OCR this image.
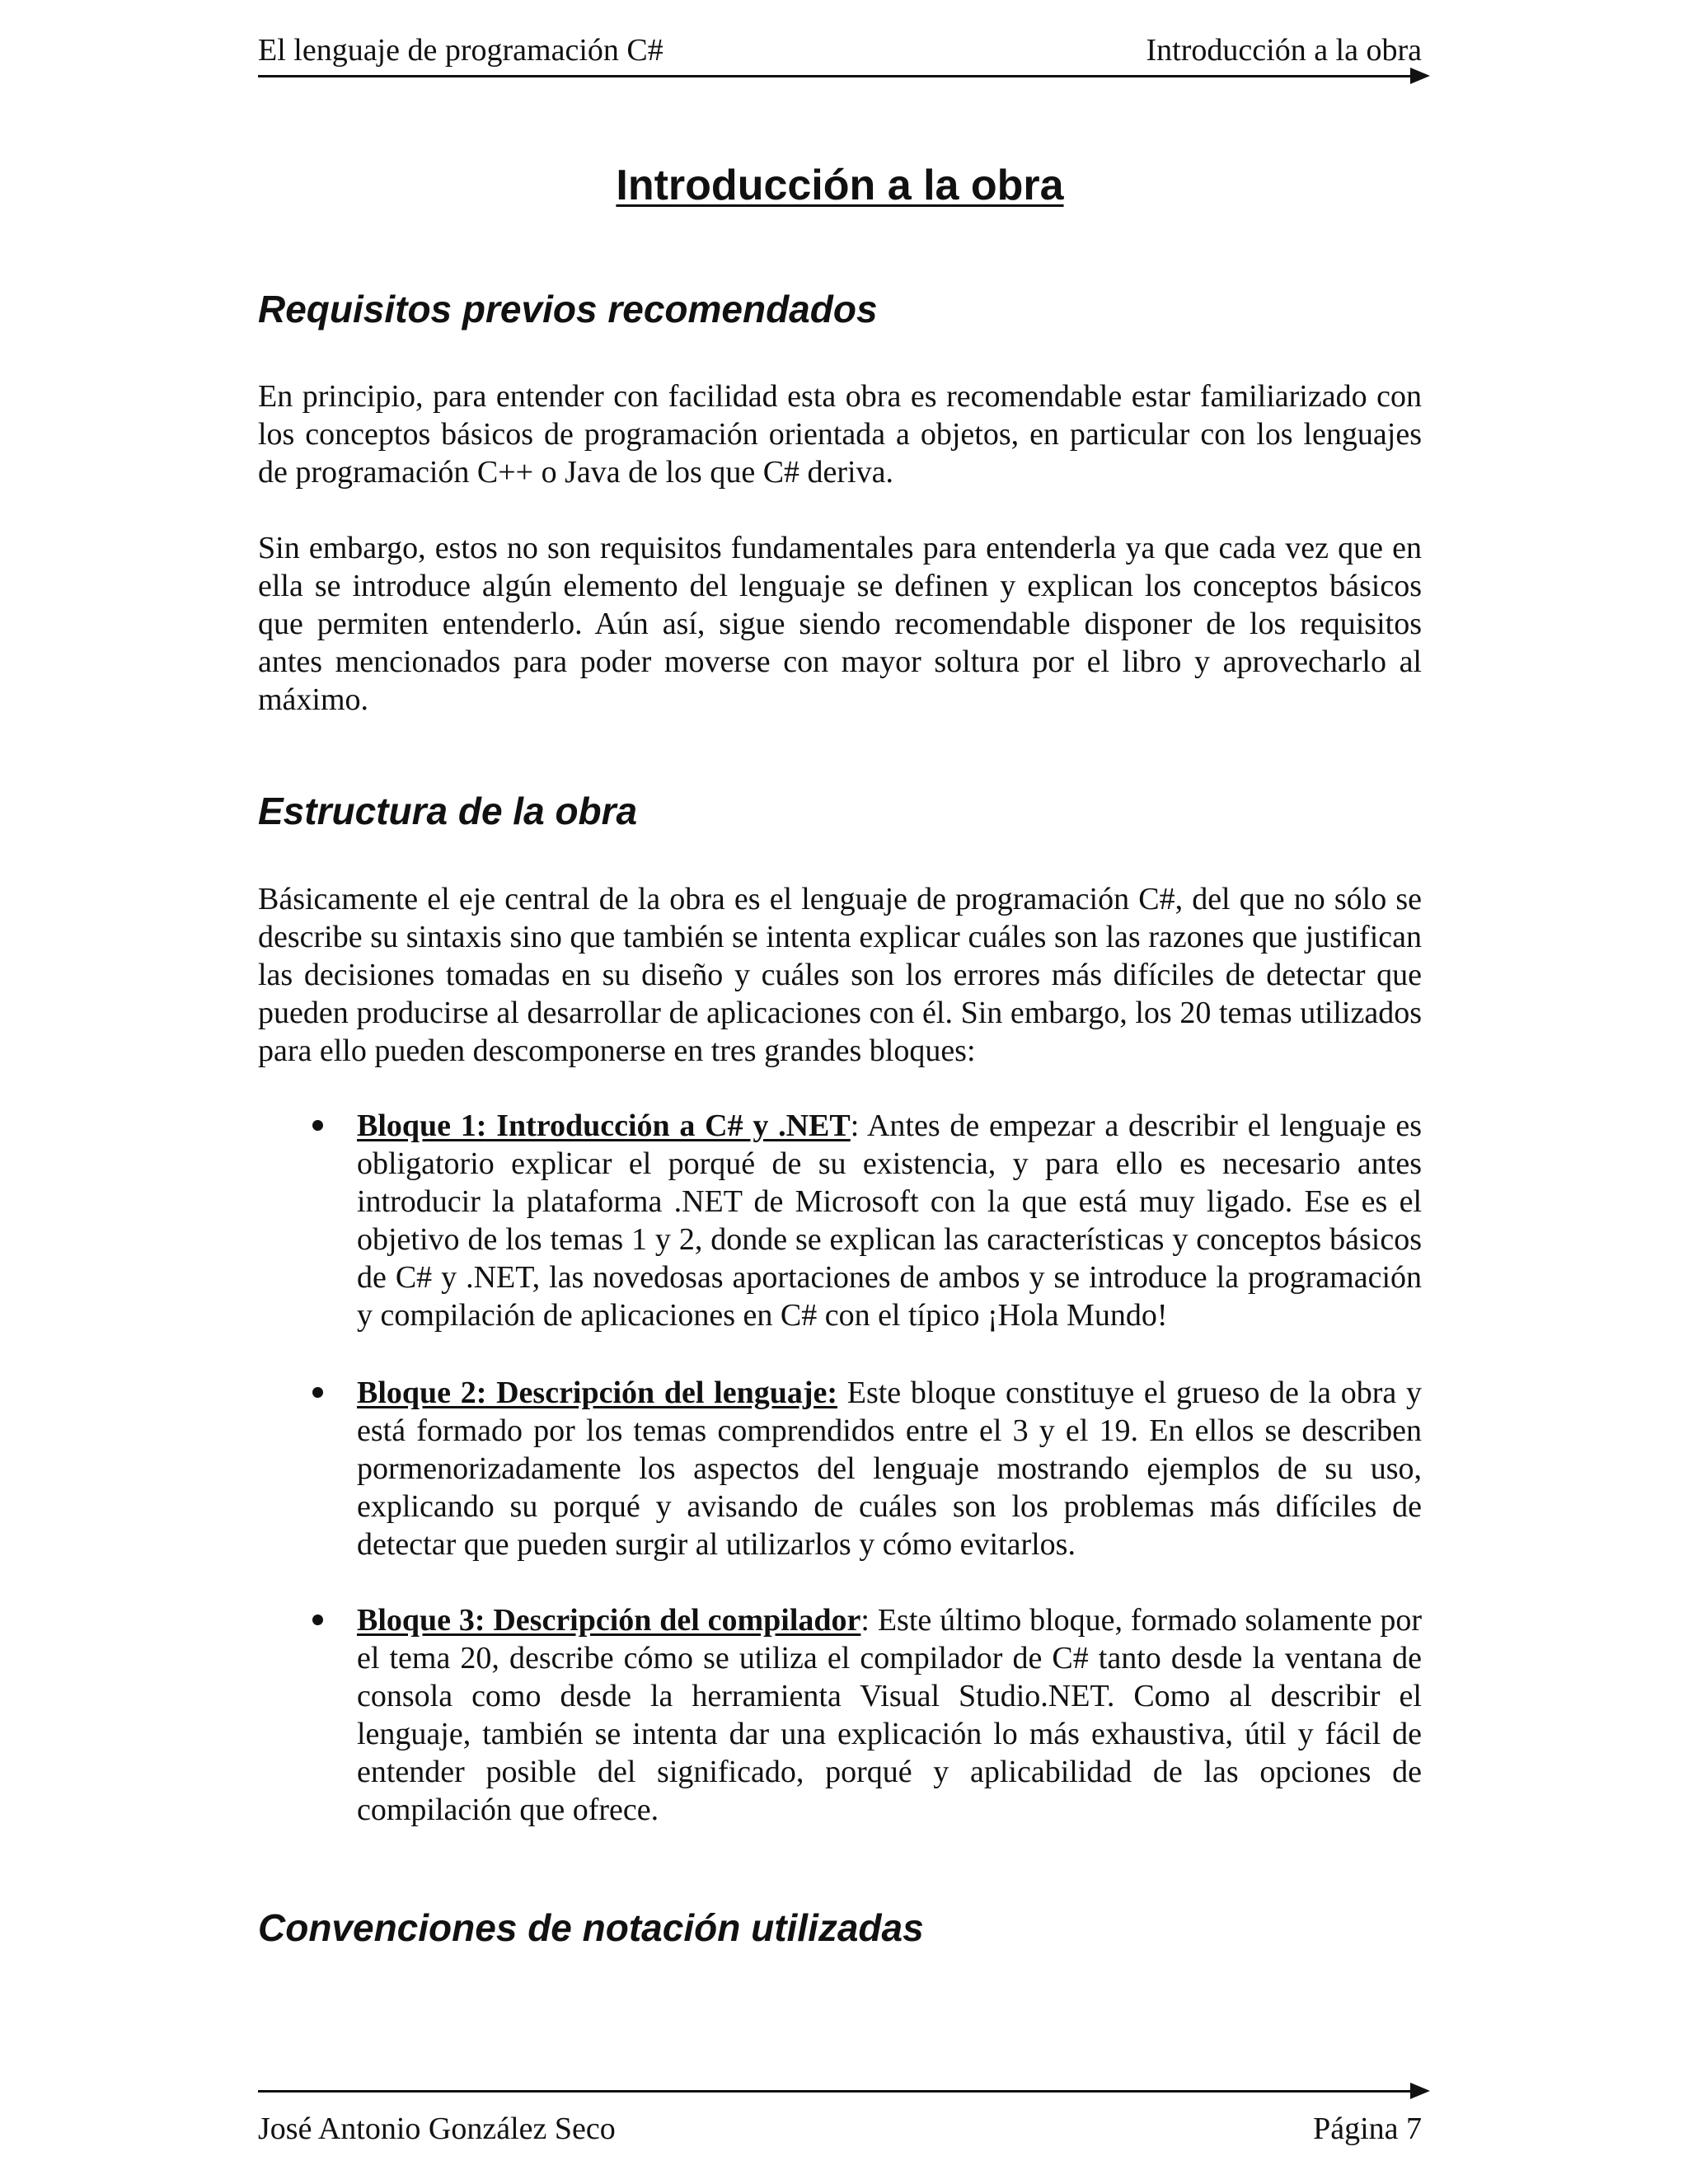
El lenguaje de programación C#	Introducción a la obra
Introducción a la obra
Requisitos previos recomendados

En principio, para entender con facilidad esta obra es recomendable estar familiarizado con los conceptos básicos de programación orientada a objetos, en particular con los lenguajes de programación C++ o Java de los que C# deriva.

Sin embargo, estos no son requisitos fundamentales para entenderla ya que cada vez que en ella se introduce algún elemento del lenguaje se definen y explican los conceptos básicos que permiten entenderlo. Aún así, sigue siendo recomendable disponer de los requisitos antes mencionados para poder moverse con mayor soltura por el libro y aprovecharlo al máximo.

Estructura de la obra

Básicamente el eje central de la obra es el lenguaje de programación C#, del que no sólo se describe su sintaxis sino que también se intenta explicar cuáles son las razones que justifican las decisiones tomadas en su diseño y cuáles son los errores más difíciles de detectar que pueden producirse al desarrollar de aplicaciones con él. Sin embargo, los 20 temas utilizados para ello pueden descomponerse en tres grandes bloques:

Bloque 1: Introducción a C# y .NET: Antes de empezar a describir el lenguaje es obligatorio explicar el porqué de su existencia, y para ello es necesario antes introducir la plataforma .NET de Microsoft con la que está muy ligado. Ese es el objetivo de los temas 1 y 2, donde se explican las características y conceptos básicos de C# y .NET, las novedosas aportaciones de ambos y se introduce la programación y compilación de aplicaciones en C# con el típico ¡Hola Mundo!

Bloque 2: Descripción del lenguaje: Este bloque constituye el grueso de la obra y está formado por los temas comprendidos entre el 3 y el 19. En ellos se describen pormenorizadamente los aspectos del lenguaje mostrando ejemplos de su uso, explicando su porqué y avisando de cuáles son los problemas más difíciles de detectar que pueden surgir al utilizarlos y cómo evitarlos.

Bloque 3: Descripción del compilador: Este último bloque, formado solamente por el tema 20, describe cómo se utiliza el compilador de C# tanto desde la ventana de consola como desde la herramienta Visual Studio.NET. Como al describir el lenguaje, también se intenta dar una explicación lo más exhaustiva, útil y fácil de entender posible del significado, porqué y aplicabilidad de las opciones de compilación que ofrece.

Convenciones de notación utilizadas
José Antonio González Seco	Página 7
